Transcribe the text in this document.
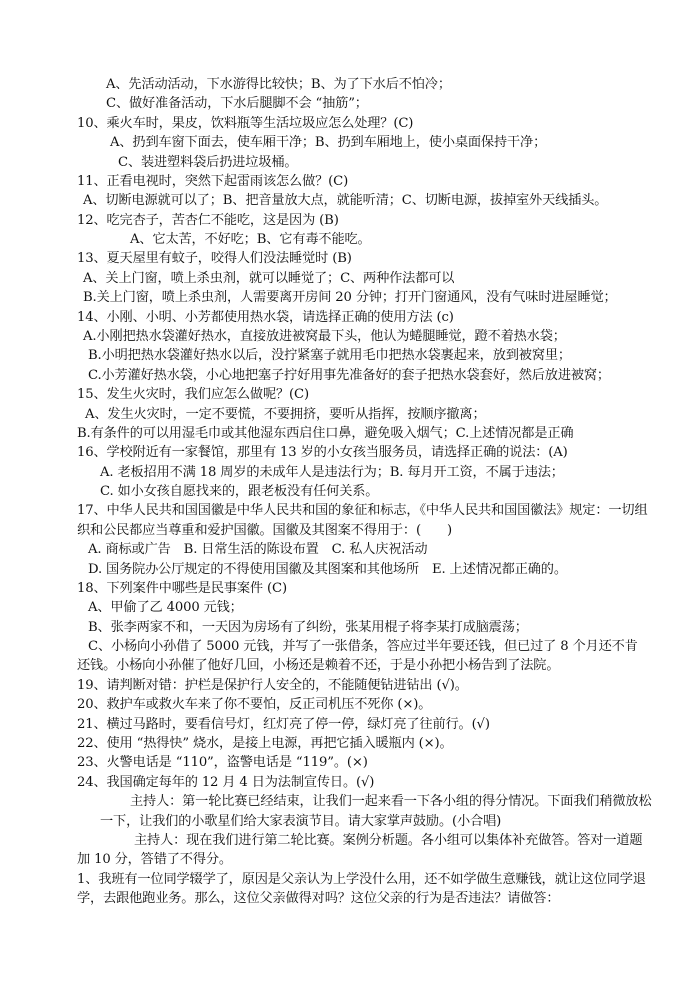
A、先活动活动，下水游得比较快；B、为了下水后不怕冷；
C、做好准备活动，下水后腿脚不会 “抽筋”；
10、乘火车时，果皮，饮料瓶等生活垃圾应怎么处理？(C)
A、扔到车窗下面去，使车厢干净；B、扔到车厢地上，使小桌面保持干净；
C、装进塑料袋后扔进垃圾桶。
11、正看电视时，突然下起雷雨该怎么做？(C)
A、切断电源就可以了；B、把音量放大点，就能听清；C、切断电源，拔掉室外天线插头。
12、吃完杏子，苦杏仁不能吃，这是因为 (B)
A、它太苦，不好吃；B、它有毒不能吃。
13、夏天屋里有蚊子，咬得人们没法睡觉时 (B)
A、关上门窗，喷上杀虫剂，就可以睡觉了；C、两种作法都可以
B.关上门窗，喷上杀虫剂，人需要离开房间 20 分钟；打开门窗通风，没有气味时进屋睡觉；
14、小刚、小明、小芳都使用热水袋，请选择正确的使用方法 (c)
A.小刚把热水袋灌好热水，直接放进被窝最下头，他认为蜷腿睡觉，蹬不着热水袋；
B.小明把热水袋灌好热水以后，没拧紧塞子就用毛巾把热水袋裹起来，放到被窝里；
C.小芳灌好热水袋，小心地把塞子拧好用事先准备好的套子把热水袋套好，然后放进被窝；
15、发生火灾时，我们应怎么做呢？(C)
A、发生火灾时，一定不要慌，不要拥挤，要听从指挥，按顺序撤离；
B.有条件的可以用湿毛巾或其他湿东西启住口鼻，避免吸入烟气；C.上述情况都是正确
16、学校附近有一家餐馆，那里有 13 岁的小女孩当服务员，请选择正确的说法：(A)
A. 老板招用不满 18 周岁的未成年人是违法行为；B. 每月开工资，不属于违法；
C. 如小女孩自愿找来的，跟老板没有任何关系。
17、中华人民共和国国徽是中华人民共和国的象征和标志，《中华人民共和国国徽法》规定：一切组
织和公民都应当尊重和爱护国徽。国徽及其图案不得用于：(　　)
A. 商标或广告　B. 日常生活的陈设布置　C. 私人庆祝活动
D. 国务院办公厅规定的不得使用国徽及其图案和其他场所　E. 上述情况都正确的。
18、下列案件中哪些是民事案件 (C)
A、甲偷了乙 4000 元钱；
B、张李两家不和，一天因为房场有了纠纷，张某用棍子将李某打成脑震荡；
C、小杨向小孙借了 5000 元钱，并写了一张借条，答应过半年要还钱，但已过了 8 个月还不肯
还钱。小杨向小孙催了他好几回，小杨还是赖着不还，于是小孙把小杨告到了法院。
19、请判断对错：护栏是保护行人安全的，不能随便钻进钻出 (√)。
20、救护车或救火车来了你不要怕，反正司机压不死你 (×)。
21、横过马路时，要看信号灯，红灯亮了停一停，绿灯亮了往前行。(√)
22、使用 “热得快” 烧水，是接上电源，再把它插入暖瓶内 (×)。
23、火警电话是 “110”，盗警电话是 “119”。(×)
24、我国确定每年的 12 月 4 日为法制宣传日。(√)
主持人：第一轮比赛已经结束，让我们一起来看一下各小组的得分情况。下面我们稍微放松
一下，让我们的小歌星们给大家表演节目。请大家掌声鼓励。(小合唱)
主持人：现在我们进行第二轮比赛。案例分析题。各小组可以集体补充做答。答对一道题
加 10 分，答错了不得分。
1、我班有一位同学辍学了，原因是父亲认为上学没什么用，还不如学做生意赚钱，就让这位同学退
学，去跟他跑业务。那么，这位父亲做得对吗？这位父亲的行为是否违法？请做答：
